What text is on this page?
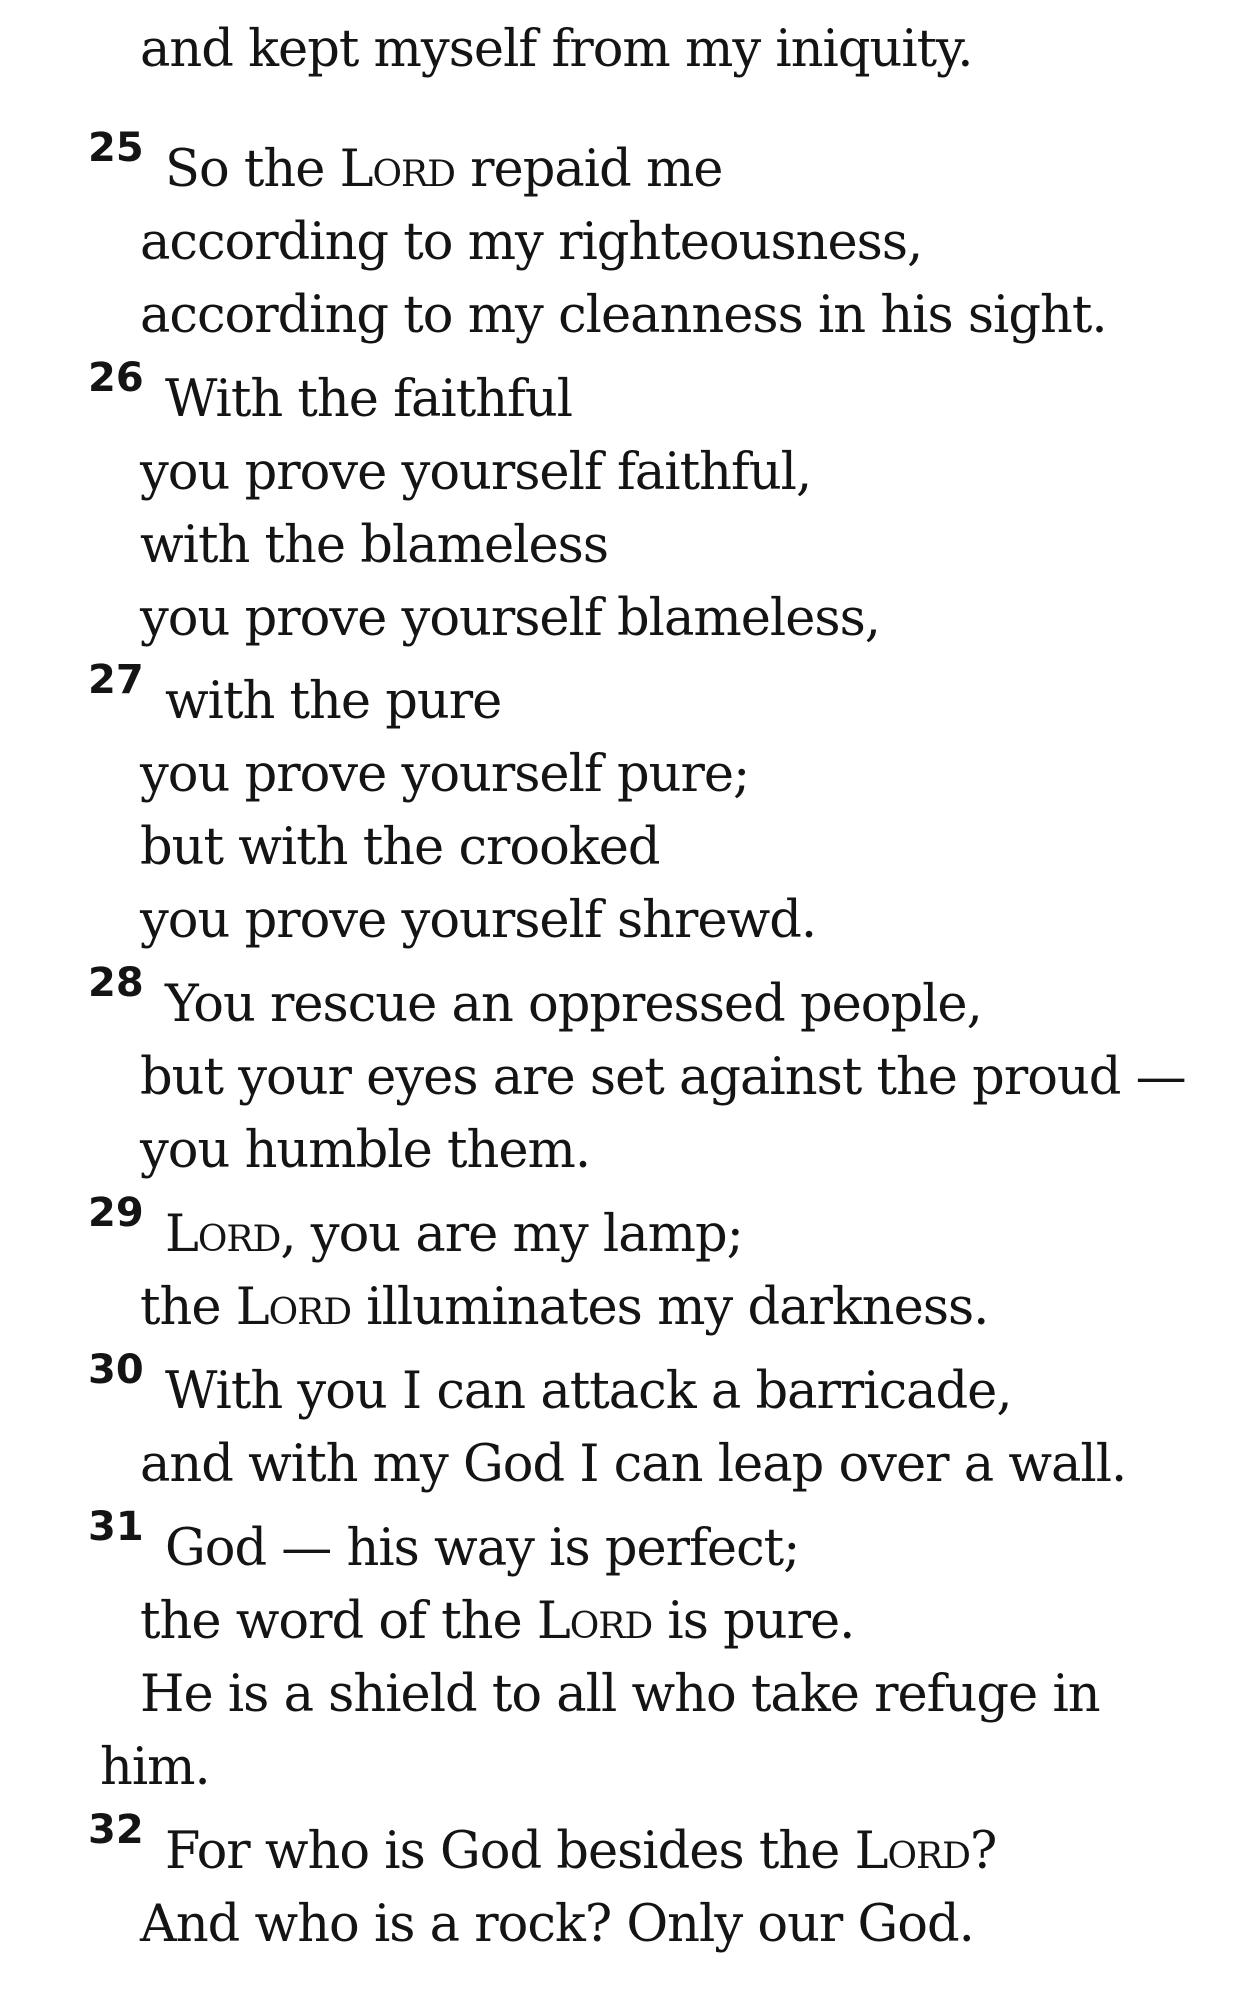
and kept myself from my iniquity.
So the Lord repaid me
25
according to my righteousness,
according to my cleanness in his sight.
With the faithful
26
you prove yourself faithful,
with the blameless
you prove yourself blameless,
with the pure
27
you prove yourself pure;
but with the crooked
you prove yourself shrewd.
You rescue an oppressed people,
28
but your eyes are set against the proud —
you humble them.
Lord, you are my lamp;
29
the Lord illuminates my darkness.
With you I can attack a barricade,
30
and with my God I can leap over a wall.
God — his way is perfect;
31
the word of the Lord is pure.
He is a shield to all who take refuge in
him.
For who is God besides the Lord?
32
And who is a rock? Only our God.
